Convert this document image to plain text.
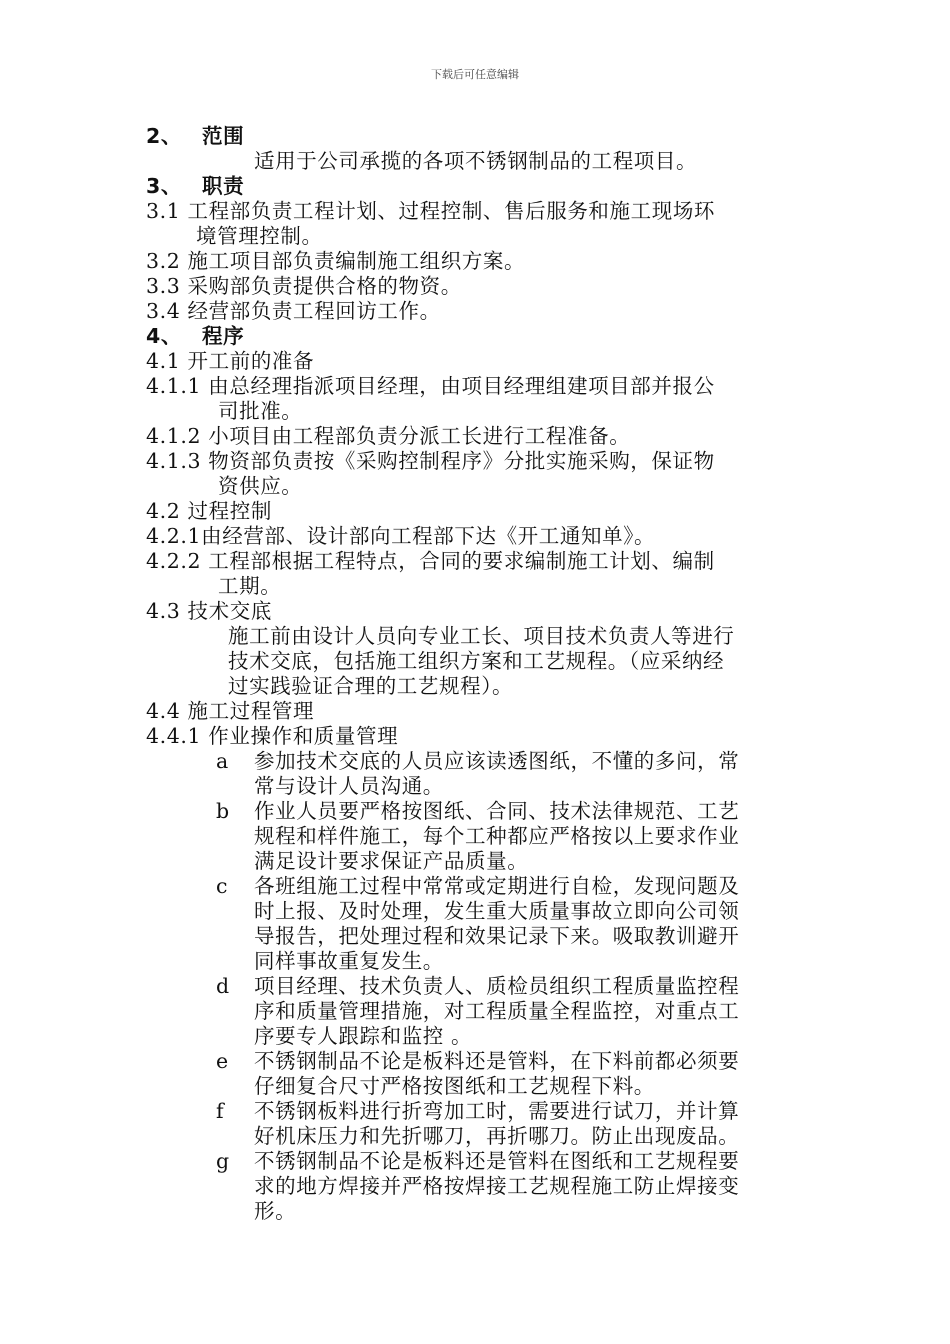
下载后可任意编辑
2、 范围
适用于公司承揽的各项不锈钢制品的工程项目。
3、 职责
3.1 工程部负责工程计划、过程控制、售后服务和施工现场环
境管理控制。
3.2 施工项目部负责编制施工组织方案。
3.3 采购部负责提供合格的物资。
3.4 经营部负责工程回访工作。
4、 程序
4.1 开工前的准备
4.1.1 由总经理指派项目经理，由项目经理组建项目部并报公
司批准。
4.1.2 小项目由工程部负责分派工长进行工程准备。
4.1.3 物资部负责按《采购控制程序》分批实施采购，保证物
资供应。
4.2 过程控制
4.2.1由经营部、设计部向工程部下达《开工通知单》。
4.2.2 工程部根据工程特点，合同的要求编制施工计划、编制
工期。
4.3 技术交底
施工前由设计人员向专业工长、项目技术负责人等进行
技术交底，包括施工组织方案和工艺规程。（应采纳经
过实践验证合理的工艺规程）。
4.4 施工过程管理
4.4.1 作业操作和质量管理
a	参加技术交底的人员应该读透图纸，不懂的多问，常
常与设计人员沟通。
b	作业人员要严格按图纸、合同、技术法律规范、工艺
规程和样件施工，每个工种都应严格按以上要求作业
满足设计要求保证产品质量。
c	各班组施工过程中常常或定期进行自检，发现问题及
时上报、及时处理，发生重大质量事故立即向公司领
导报告，把处理过程和效果记录下来。吸取教训避开
同样事故重复发生。
d	项目经理、技术负责人、质检员组织工程质量监控程
序和质量管理措施，对工程质量全程监控，对重点工
序要专人跟踪和监控 。
e	不锈钢制品不论是板料还是管料，在下料前都必须要
仔细复合尺寸严格按图纸和工艺规程下料。
f	不锈钢板料进行折弯加工时，需要进行试刀，并计算
好机床压力和先折哪刀，再折哪刀。防止出现废品。
g	不锈钢制品不论是板料还是管料在图纸和工艺规程要
求的地方焊接并严格按焊接工艺规程施工防止焊接变
形。
